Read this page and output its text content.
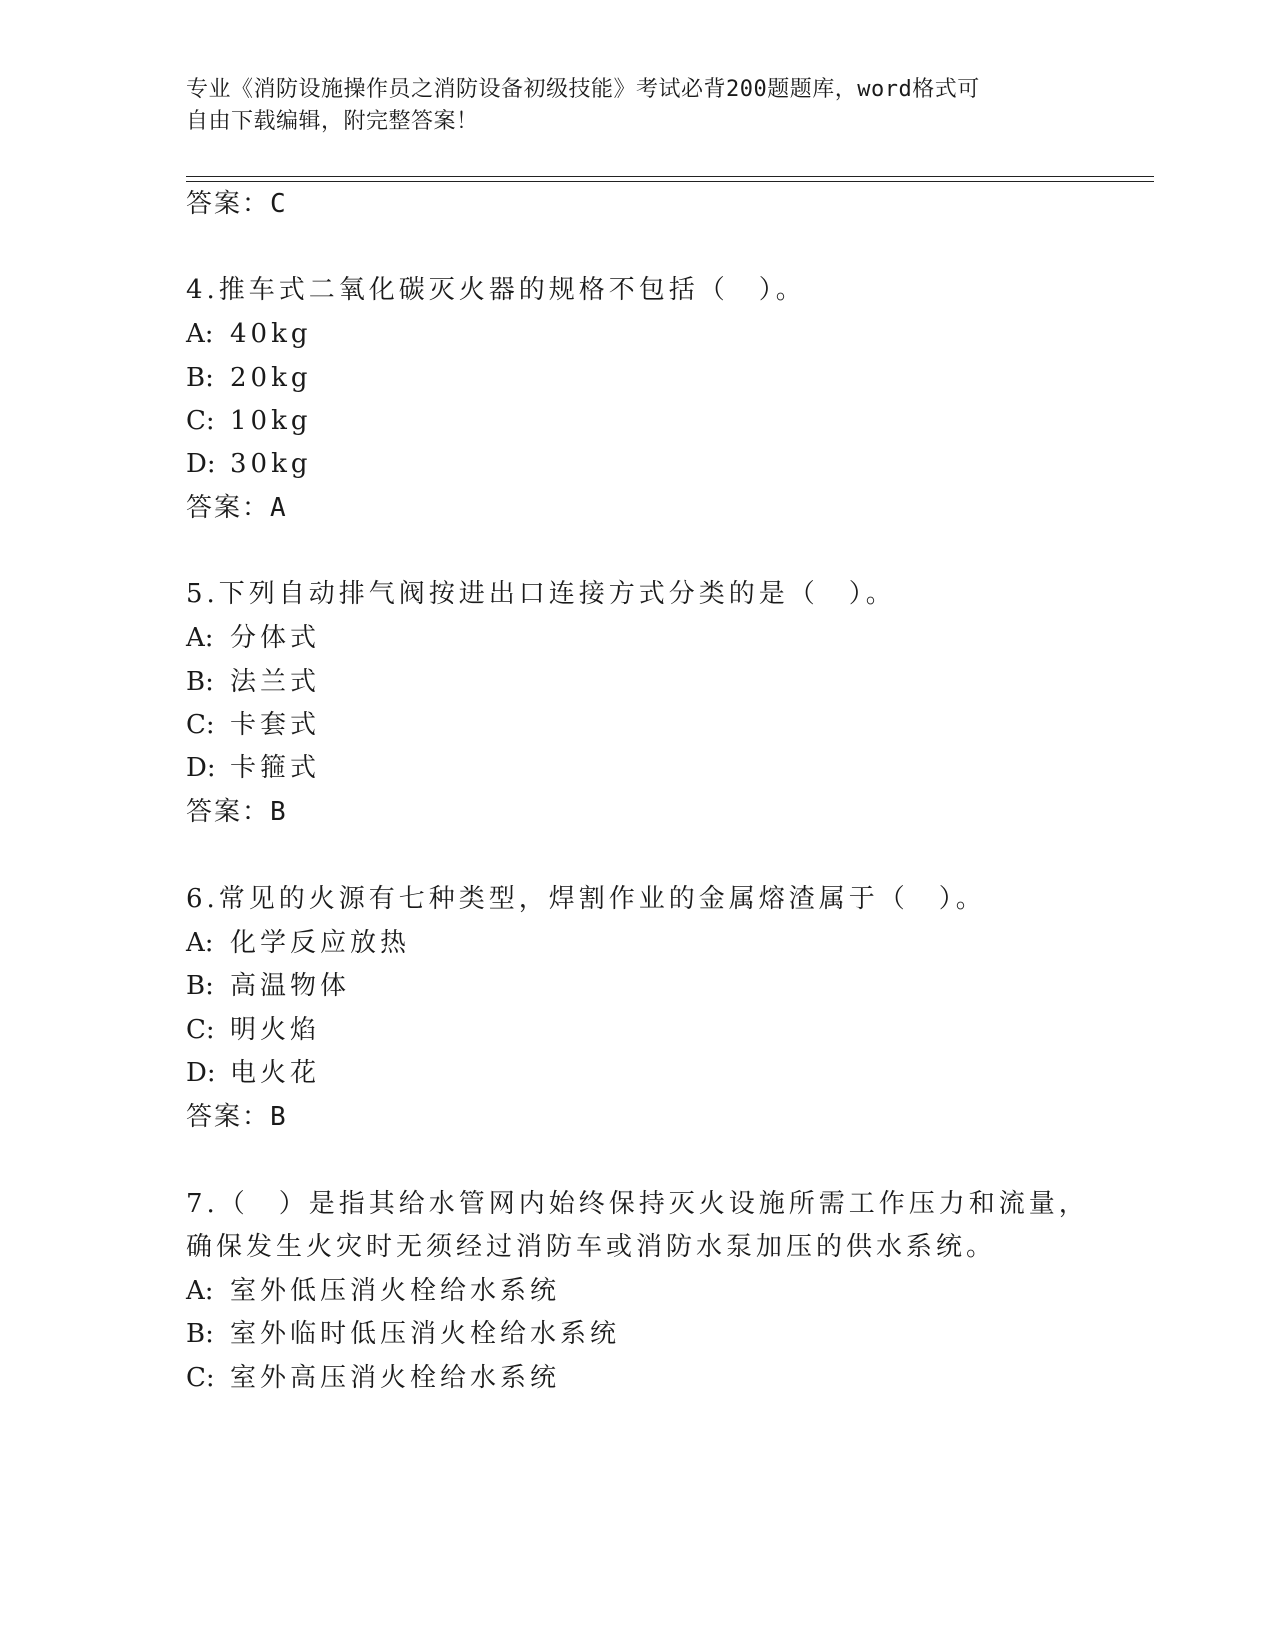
专业《消防设施操作员之消防设备初级技能》考试必背200题题库，word格式可
自由下载编辑，附完整答案！
答案：C
4.推车式二氧化碳灭火器的规格不包括（　）。
A: 40kg
B: 20kg
C: 10kg
D: 30kg
答案：A
5.下列自动排气阀按进出口连接方式分类的是（　）。
A: 分体式
B: 法兰式
C: 卡套式
D: 卡箍式
答案：B
6.常见的火源有七种类型，焊割作业的金属熔渣属于（　）。
A: 化学反应放热
B: 高温物体
C: 明火焰
D: 电火花
答案：B
7.（　）是指其给水管网内始终保持灭火设施所需工作压力和流量，
确保发生火灾时无须经过消防车或消防水泵加压的供水系统。
A: 室外低压消火栓给水系统
B: 室外临时低压消火栓给水系统
C: 室外高压消火栓给水系统
